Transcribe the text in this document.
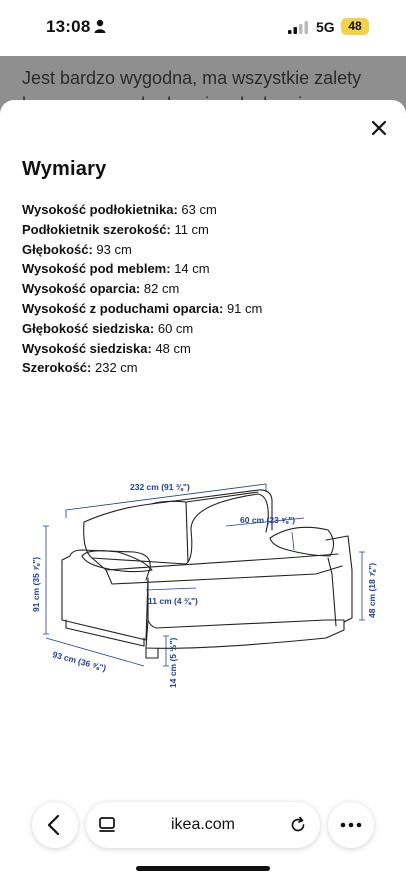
13:08	5G	48
Jest bardzo wygodna, ma wszystkie zalety
Wymiary
Wysokość podłokietnika: 63 cm
Podłokietnik szerokość: 11 cm
Głębokość: 93 cm
Wysokość pod meblem: 14 cm
Wysokość oparcia: 82 cm
Wysokość z poduchami oparcia: 91 cm
Głębokość siedziska: 60 cm
Wysokość siedziska: 48 cm
Szerokość: 232 cm
232 cm (91 ⅜")
60 cm (23 ⅝")
91 cm (35 ⅞")	48 cm (18 ⅞")
11 cm (4 ⅜")
93 cm (36 ⅝")	14 cm (5 ½")
ikea.com
